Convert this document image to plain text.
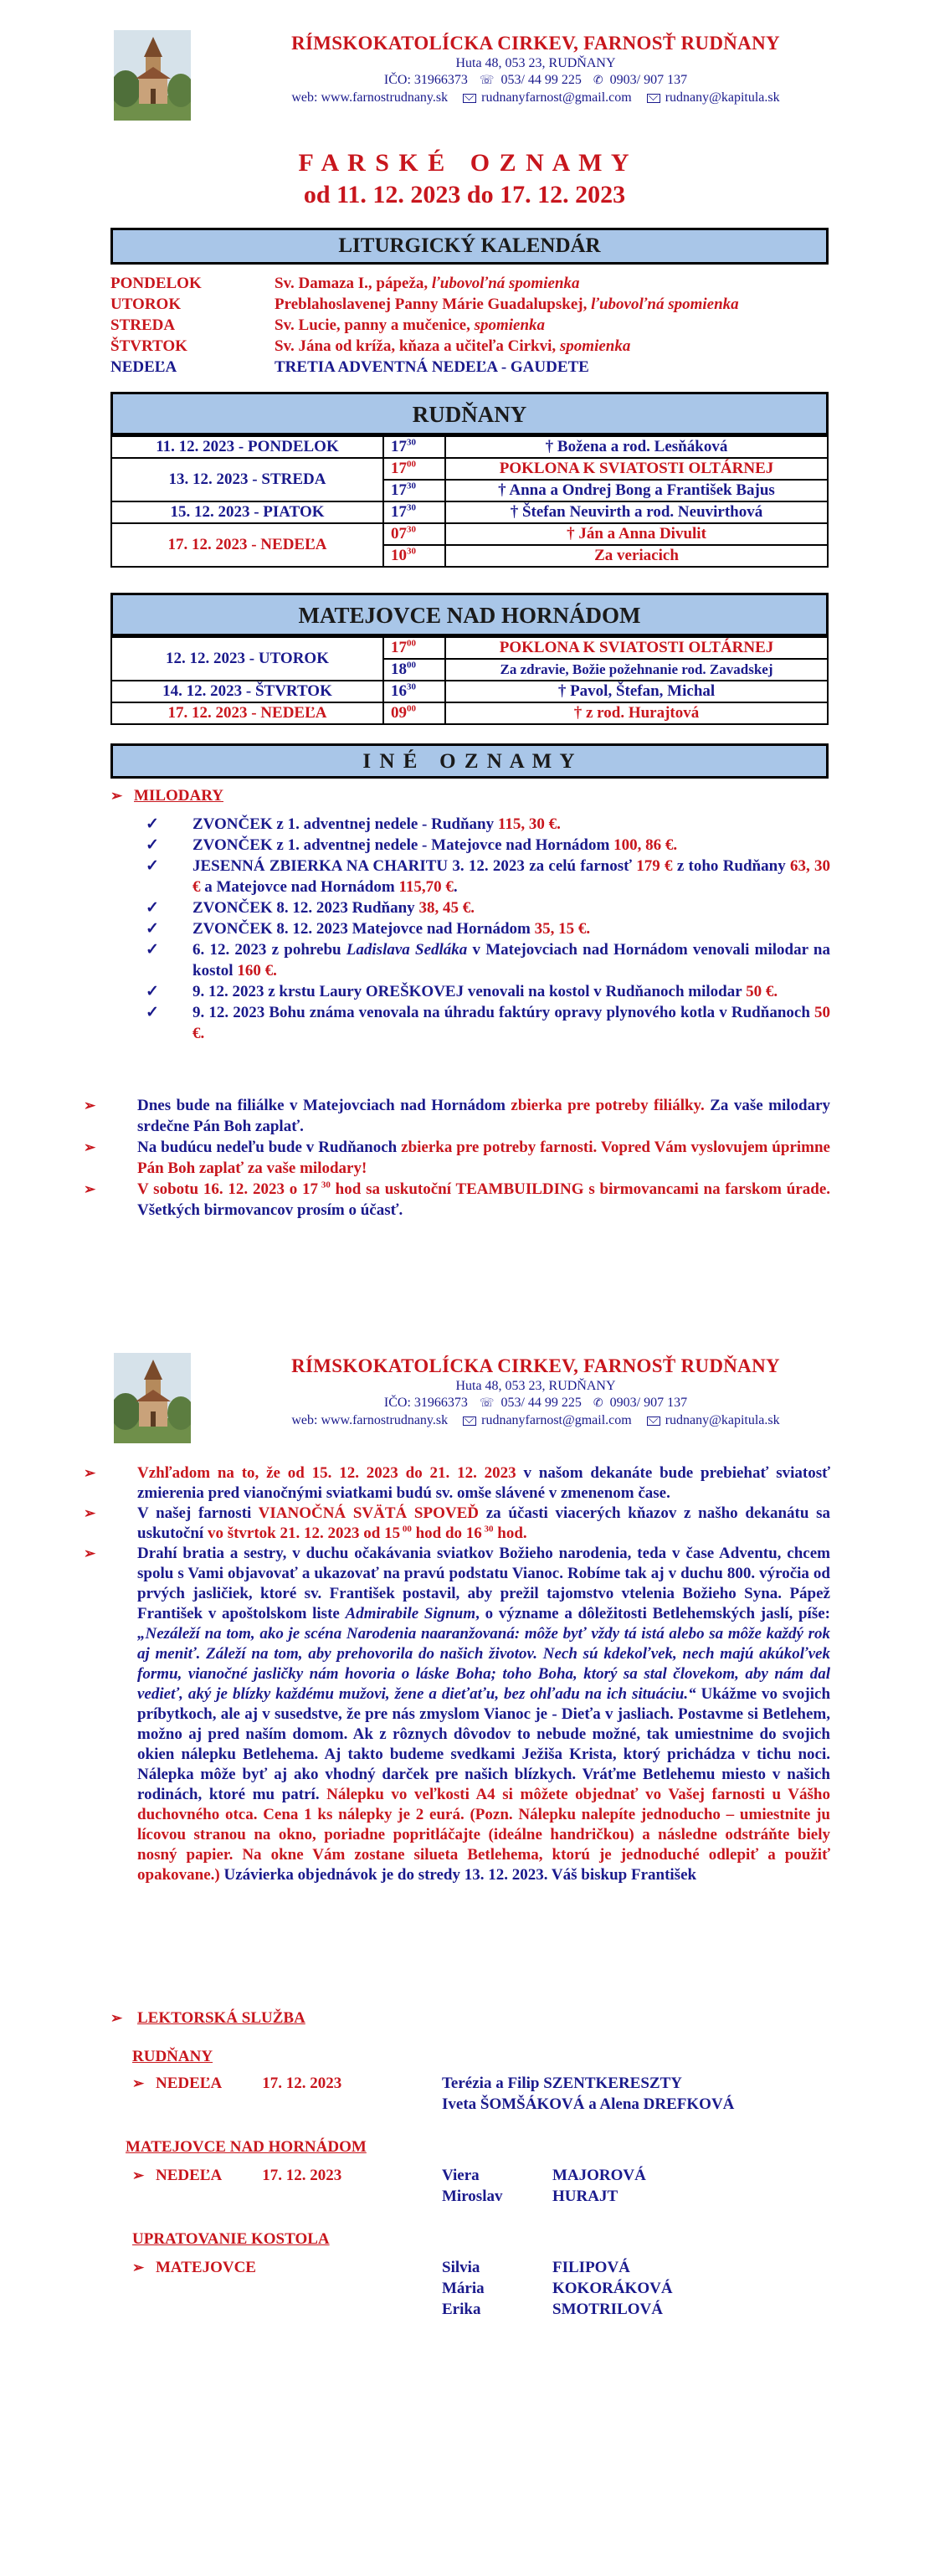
RÍMSKOKATOLÍCKA CIRKEV, FARNOSŤ RUDŇANY
Huta 48, 053 23, RUDŇANY
IČO: 31966373 ☏ 053/ 44 99 225 ✆ 0903/ 907 137
web: www.farnostrudnany.sk	rudnanyfarnost@gmail.com	rudnany@kapitula.sk
F A R S K É   O Z N A M Y
od 11. 12. 2023 do 17. 12. 2023
LITURGICKÝ KALENDÁR
PONDELOK	Sv. Damaza I., pápeža, ľubovoľná spomienka
UTOROK	Preblahoslavenej Panny Márie Guadalupskej, ľubovoľná spomienka
STREDA	Sv. Lucie, panny a mučenice, spomienka
ŠTVRTOK	Sv. Jána od kríža, kňaza a učiteľa Cirkvi, spomienka
NEDEĽA	TRETIA ADVENTNÁ NEDEĽA - GAUDETE
RUDŇANY
11. 12. 2023 - PONDELOK	$17^{30}$	† Božena a rod. Lesňáková
13. 12. 2023 - STREDA	$17^{00}$	POKLONA K SVIATOSTI OLTÁRNEJ
	$17^{30}$	† Anna a Ondrej Bong a František Bajus
15. 12. 2023 - PIATOK	$17^{30}$	† Štefan Neuvirth a rod. Neuvirthová
17. 12. 2023 - NEDEĽA	$07^{30}$	† Ján a Anna Divulit
	$10^{30}$	Za veriacich
MATEJOVCE NAD HORNÁDOM
12. 12. 2023 - UTOROK	$17^{00}$	POKLONA K SVIATOSTI OLTÁRNEJ
	$18^{00}$	Za zdravie, Božie požehnanie rod. Zavadskej
14. 12. 2023 - ŠTVRTOK	$16^{30}$	† Pavol, Štefan, Michal
17. 12. 2023 - NEDEĽA	$09^{00}$	† z rod. Hurajtová
I N É   O Z N A M Y
➢ MILODARY
✓ ZVONČEK z 1. adventnej nedele - Rudňany 115, 30 €.
✓ ZVONČEK z 1. adventnej nedele - Matejovce nad Hornádom 100, 86 €.
✓ JESENNÁ ZBIERKA NA CHARITU 3. 12. 2023 za celú farnosť 179 € z toho Rudňany 63, 30 € a Matejovce nad Hornádom 115,70 €.
✓ ZVONČEK 8. 12. 2023 Rudňany 38, 45 €.
✓ ZVONČEK 8. 12. 2023 Matejovce nad Hornádom 35, 15 €.
✓ 6. 12. 2023 z pohrebu Ladislava Sedláka v Matejovciach nad Hornádom venovali milodar na kostol 160 €.
✓ 9. 12. 2023 z krstu Laury OREŠKOVEJ venovali na kostol v Rudňanoch milodar 50 €.
✓ 9. 12. 2023 Bohu známa venovala na úhradu faktúry opravy plynového kotla v Rudňanoch 50 €.
➢	Dnes bude na filiálke v Matejovciach nad Hornádom zbierka pre potreby filiálky. Za vaše milodary srdečne Pán Boh zaplať.
➢	Na budúcu nedeľu bude v Rudňanoch zbierka pre potreby farnosti. Vopred Vám vyslovujem úprimne Pán Boh zaplať za vaše milodary!
➢	V sobotu 16. 12. 2023 o 17 $^{30}$ hod sa uskutoční TEAMBUILDING s birmovancami na farskom úrade. Všetkých birmovancov prosím o účasť.
RÍMSKOKATOLÍCKA CIRKEV, FARNOSŤ RUDŇANY
Huta 48, 053 23, RUDŇANY
IČO: 31966373 ☏ 053/ 44 99 225 ✆ 0903/ 907 137
web: www.farnostrudnany.sk	rudnanyfarnost@gmail.com	rudnany@kapitula.sk
➢	Vzhľadom na to, že od 15. 12. 2023 do 21. 12. 2023 v našom dekanáte bude prebiehať sviatosť zmierenia pred vianočnými sviatkami budú sv. omše slávené v zmenenom čase.
➢	V našej farnosti VIANOČNÁ SVÄTÁ SPOVEĎ za účasti viacerých kňazov z našho dekanátu sa uskutoční vo štvrtok 21. 12. 2023 od 15 $^{00}$ hod do 16 $^{30}$ hod.
➢	Drahí bratia a sestry, v duchu očakávania sviatkov Božieho narodenia, teda v čase Adventu, chcem spolu s Vami objavovať a ukazovať na pravú podstatu Vianoc. Robíme tak aj v duchu 800. výročia od prvých jasličiek, ktoré sv. František postavil, aby prežil tajomstvo vtelenia Božieho Syna. Pápež František v apoštolskom liste Admirabile Signum, o význame a dôležitosti Betlehemských jaslí, píše: „Nezáleží na tom, ako je scéna Narodenia naaranžovaná: môže byť vždy tá istá alebo sa môže každý rok aj meniť. Záleží na tom, aby prehovorila do našich životov. Nech sú kdekoľvek, nech majú akúkoľvek formu, vianočné jasličky nám hovoria o láske Boha; toho Boha, ktorý sa stal človekom, aby nám dal vedieť, aký je blízky každému mužovi, žene a dieťaťu, bez ohľadu na ich situáciu.“ Ukážme vo svojich príbytkoch, ale aj v susedstve, že pre nás zmyslom Vianoc je - Dieťa v jasliach. Postavme si Betlehem, možno aj pred naším domom. Ak z rôznych dôvodov to nebude možné, tak umiestnime do svojich okien nálepku Betlehema. Aj takto budeme svedkami Ježiša Krista, ktorý prichádza v tichu noci. Nálepka môže byť aj ako vhodný darček pre našich blízkych. Vráťme Betlehemu miesto v našich rodinách, ktoré mu patrí. Nálepku vo veľkosti A4 si môžete objednať vo Vašej farnosti u Vášho duchovného otca. Cena 1 ks nálepky je 2 eurá. (Pozn. Nálepku nalepíte jednoducho – umiestnite ju lícovou stranou na okno, poriadne popritláčajte (ideálne handričkou) a následne odstráňte biely nosný papier. Na okne Vám zostane silueta Betlehema, ktorú je jednoduché odlepiť a použiť opakovane.) Uzávierka objednávok je do stredy 13. 12. 2023. Váš biskup František
➢ LEKTORSKÁ SLUŽBA
RUDŇANY
➢ NEDEĽA	17. 12. 2023	Terézia a Filip SZENTKERESZTY
Iveta ŠOMŠÁKOVÁ a Alena DREFKOVÁ
MATEJOVCE NAD HORNÁDOM
➢ NEDEĽA	17. 12. 2023	Viera	MAJOROVÁ
Miroslav	HURAJT
UPRATOVANIE KOSTOLA
➢ MATEJOVCE	Silvia	FILIPOVÁ
Mária	KOKORÁKOVÁ
Erika	SMOTRILOVÁ
